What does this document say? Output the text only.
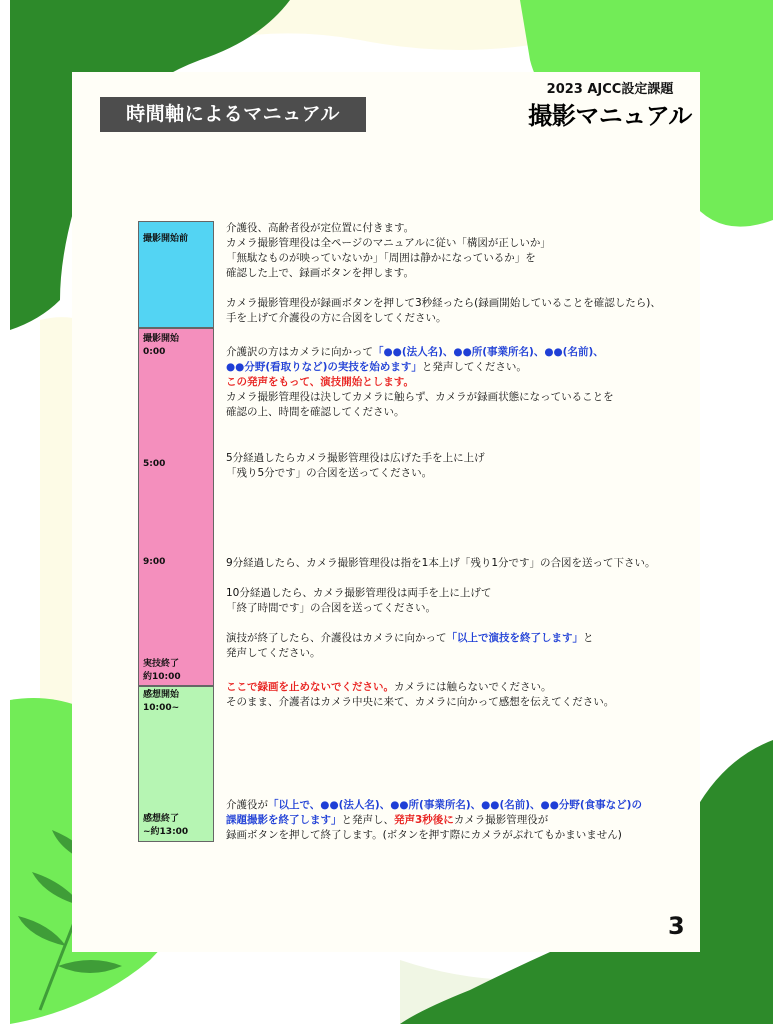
時間軸によるマニュアル
2023 AJCC設定課題
撮影マニュアル
撮影開始前
撮影開始
0:00
5:00
9:00
実技終了
約10:00
感想開始
10:00~
感想終了
~約13:00
介護役、高齢者役が定位置に付きます。
カメラ撮影管理役は全ページのマニュアルに従い「構図が正しいか」
「無駄なものが映っていないか」「周囲は静かになっているか」を
確認した上で、録画ボタンを押します。

カメラ撮影管理役が録画ボタンを押して3秒経ったら(録画開始していることを確認したら)、
手を上げて介護役の方に合図をしてください。
介護訳の方はカメラに向かって「●●(法人名)、●●所(事業所名)、●●(名前)、
●●分野(看取りなど)の実技を始めます」と発声してください。
この発声をもって、演技開始とします。
カメラ撮影管理役は決してカメラに触らず、カメラが録画状態になっていることを
確認の上、時間を確認してください。
5分経過したらカメラ撮影管理役は広げた手を上に上げ
「残り5分です」の合図を送ってください。
9分経過したら、カメラ撮影管理役は指を1本上げ「残り1分です」の合図を送って下さい。

10分経過したら、カメラ撮影管理役は両手を上に上げて
「終了時間です」の合図を送ってください。

演技が終了したら、介護役はカメラに向かって「以上で演技を終了します」と
発声してください。
ここで録画を止めないでください。カメラには触らないでください。
そのまま、介護者はカメラ中央に来て、カメラに向かって感想を伝えてください。
介護役が「以上で、●●(法人名)、●●所(事業所名)、●●(名前)、●●分野(食事など)の
課題撮影を終了します」と発声し、発声3秒後にカメラ撮影管理役が
録画ボタンを押して終了します。(ボタンを押す際にカメラがぶれてもかまいません)
3
